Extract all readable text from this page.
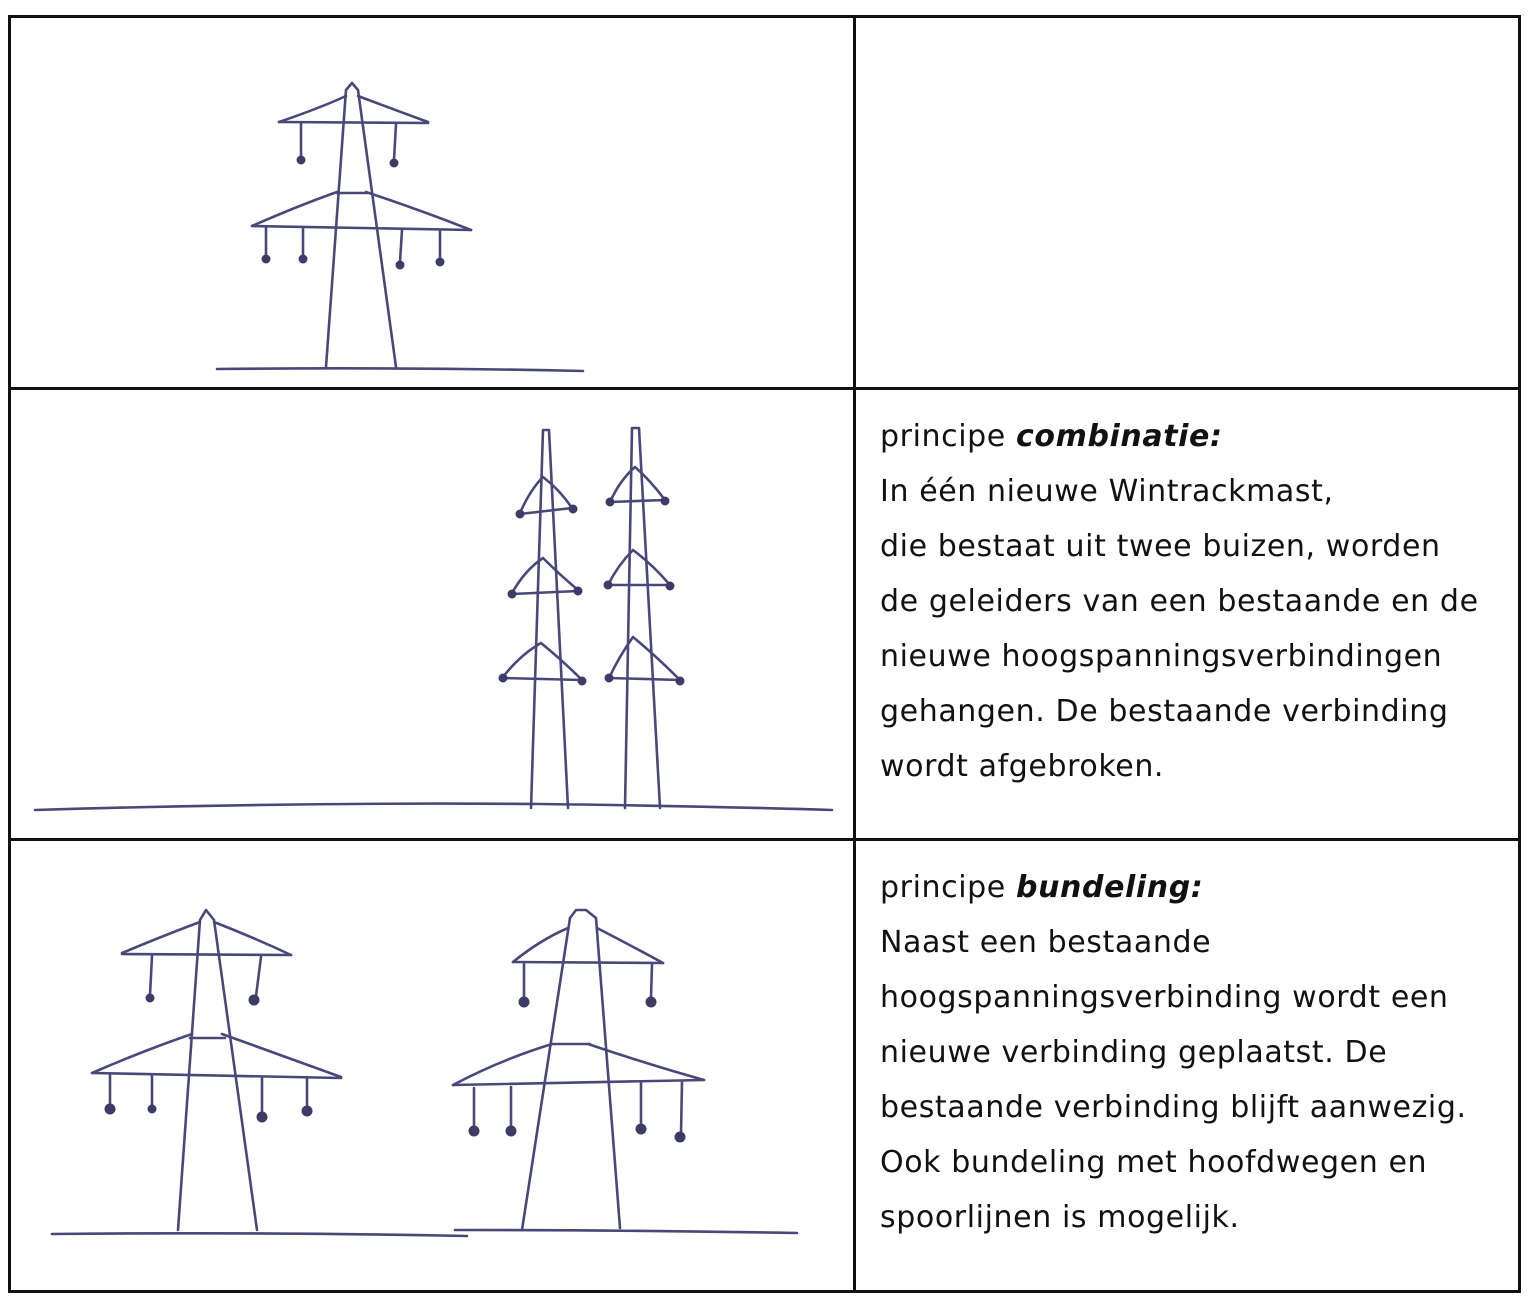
principe combinatie:

In één nieuwe Wintrackmast,

die bestaat uit twee buizen, worden

de geleiders van een bestaande en de

nieuwe hoogspanningsverbindingen

gehangen. De bestaande verbinding

wordt afgebroken.

principe bundeling:

Naast een bestaande

hoogspanningsverbinding wordt een

nieuwe verbinding geplaatst. De

bestaande verbinding blijft aanwezig.

Ook bundeling met hoofdwegen en

spoorlijnen is mogelijk.
